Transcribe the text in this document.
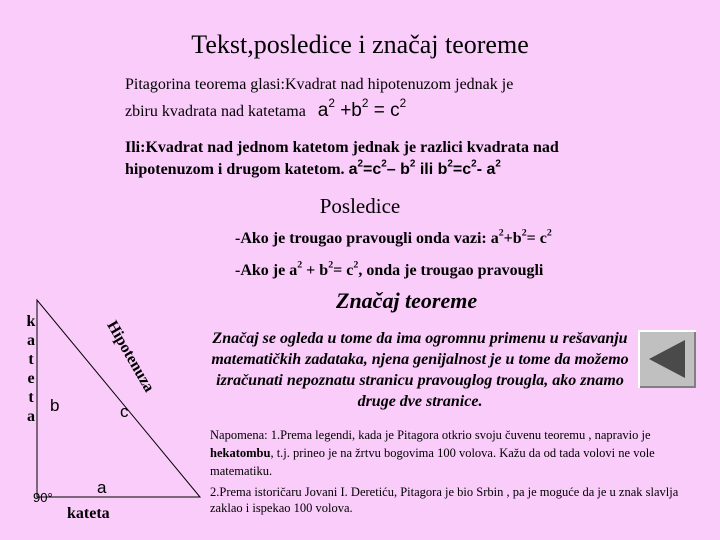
Tekst,posledice i značaj teoreme
Pitagorina teorema glasi:Kvadrat nad hipotenuzom jednak je
zbiru kvadrata nad katetama $a^2 +b^2 = c^2$
Ili:Kvadrat nad jednom katetom jednak je razlici kvadrata nad
hipotenuzom i drugom katetom. $a^2=c^2-$ $b^2$ ili $b^2=c^2-$ $a^2$
Posledice
-Ako je trougao pravougli onda vazi: $a^2+b^2= c^2$
-Ako je $a^2 + b^2= c^2$, onda je trougao pravougli
Značaj teoreme
Značaj se ogleda u tome da ima ogromnu primenu u rešavanju matematičkih zadataka, njena genijalnost je u tome da možemo izračunati nepoznatu stranicu pravouglog trougla, ako znamo druge dve stranice.
Napomena: 1.Prema legendi, kada je Pitagora otkrio svoju čuvenu teoremu , napravio je hekatombu, t.j. prineo je na žrtvu bogovima 100 volova. Kažu da od tada volovi ne vole matematiku.
2.Prema istoričaru Jovani I. Deretiću, Pitagora je bio Srbin , pa je moguće da je u znak slavlja zaklao i ispekao 100 volova.
k
a
t
e
t
a
Hipotenuza
b	c
a
90°
kateta
